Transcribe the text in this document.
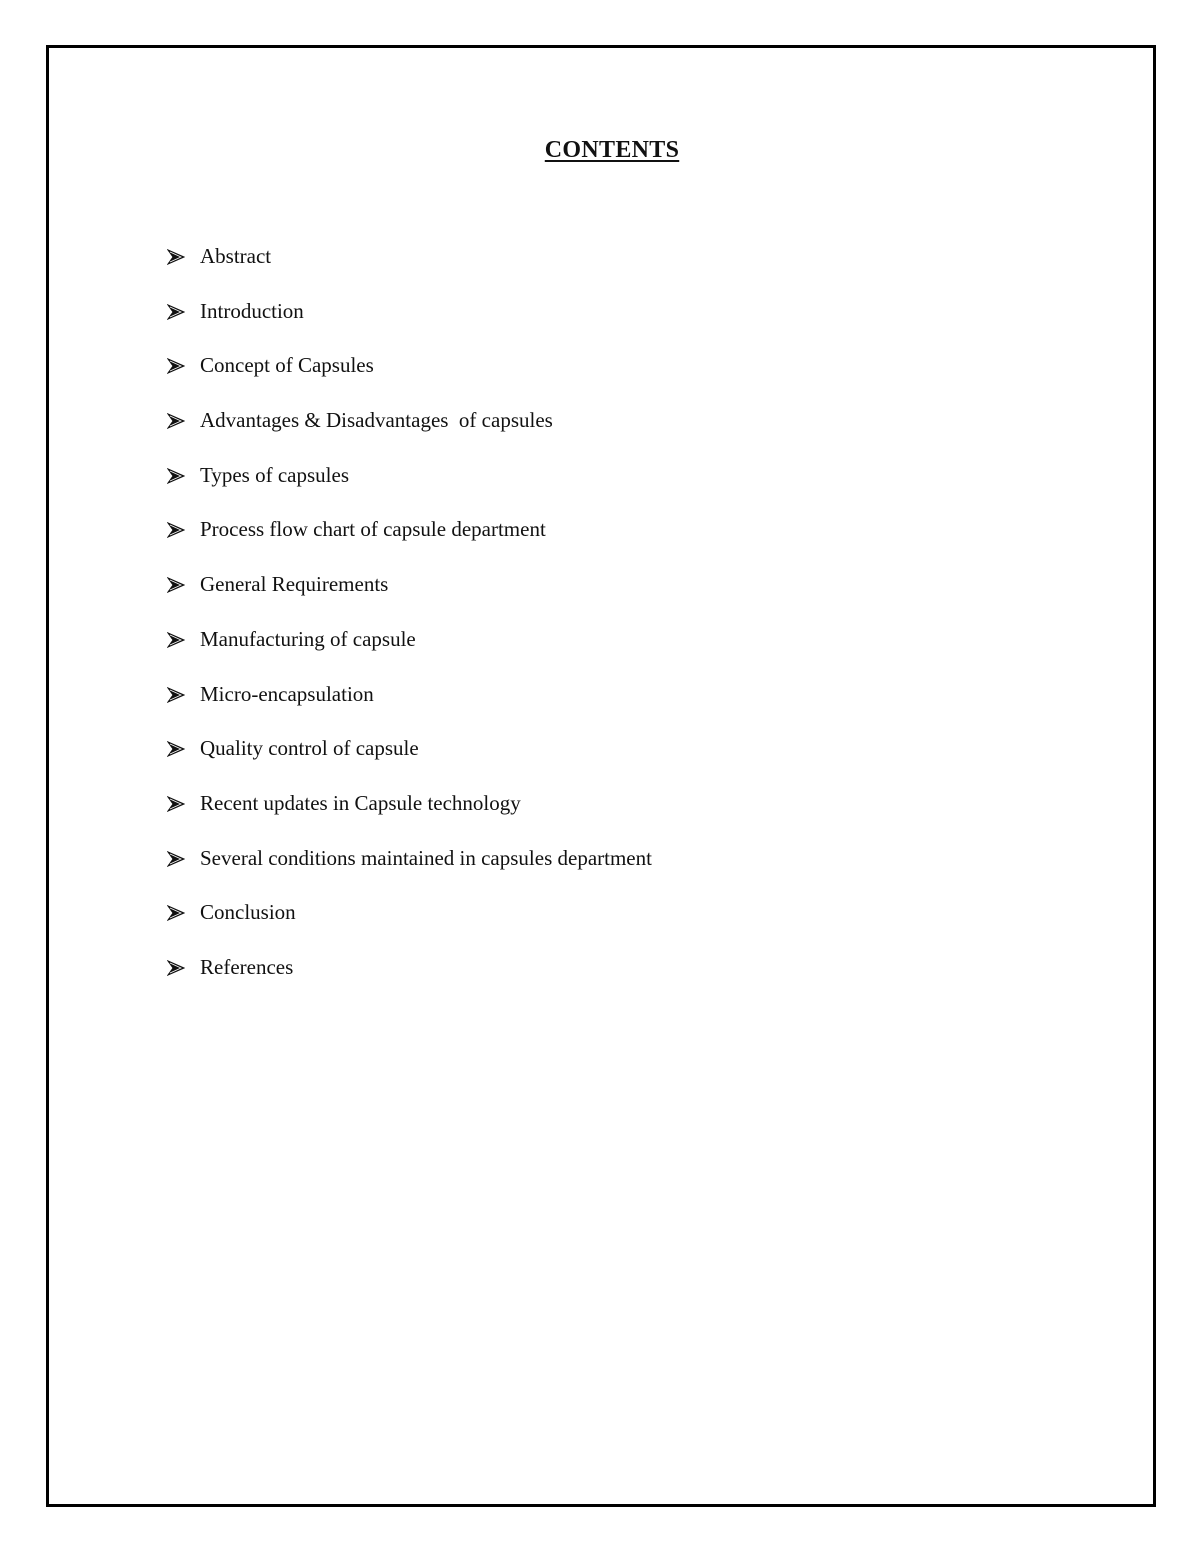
CONTENTS
Abstract
Introduction
Concept of Capsules
Advantages & Disadvantages  of capsules
Types of capsules
Process flow chart of capsule department
General Requirements
Manufacturing of capsule
Micro-encapsulation
Quality control of capsule
Recent updates in Capsule technology
Several conditions maintained in capsules department
Conclusion
References
